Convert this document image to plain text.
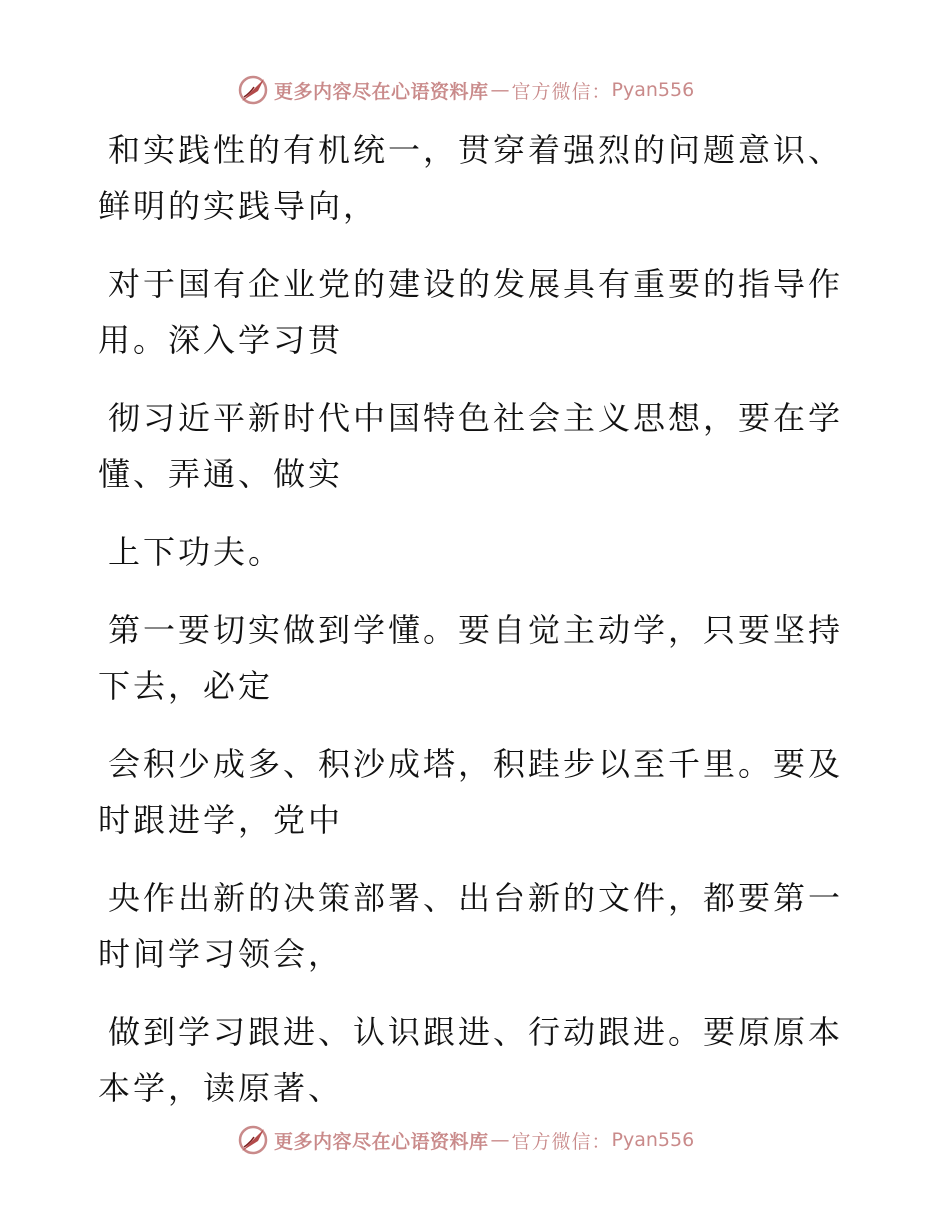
更多内容尽在心语资料库 — 官方微信： Pyan556

和实践性的有机统一，贯穿着强烈的问题意识、
鲜明的实践导向，

对于国有企业党的建设的发展具有重要的指导作
用。深入学习贯

彻习近平新时代中国特色社会主义思想，要在学
懂、弄通、做实

上下功夫。

第一要切实做到学懂。要自觉主动学，只要坚持
下去，必定

会积少成多、积沙成塔，积跬步以至千里。要及
时跟进学，党中

央作出新的决策部署、出台新的文件，都要第一
时间学习领会，

做到学习跟进、认识跟进、行动跟进。要原原本
本学，读原著、

更多内容尽在心语资料库 — 官方微信： Pyan556
